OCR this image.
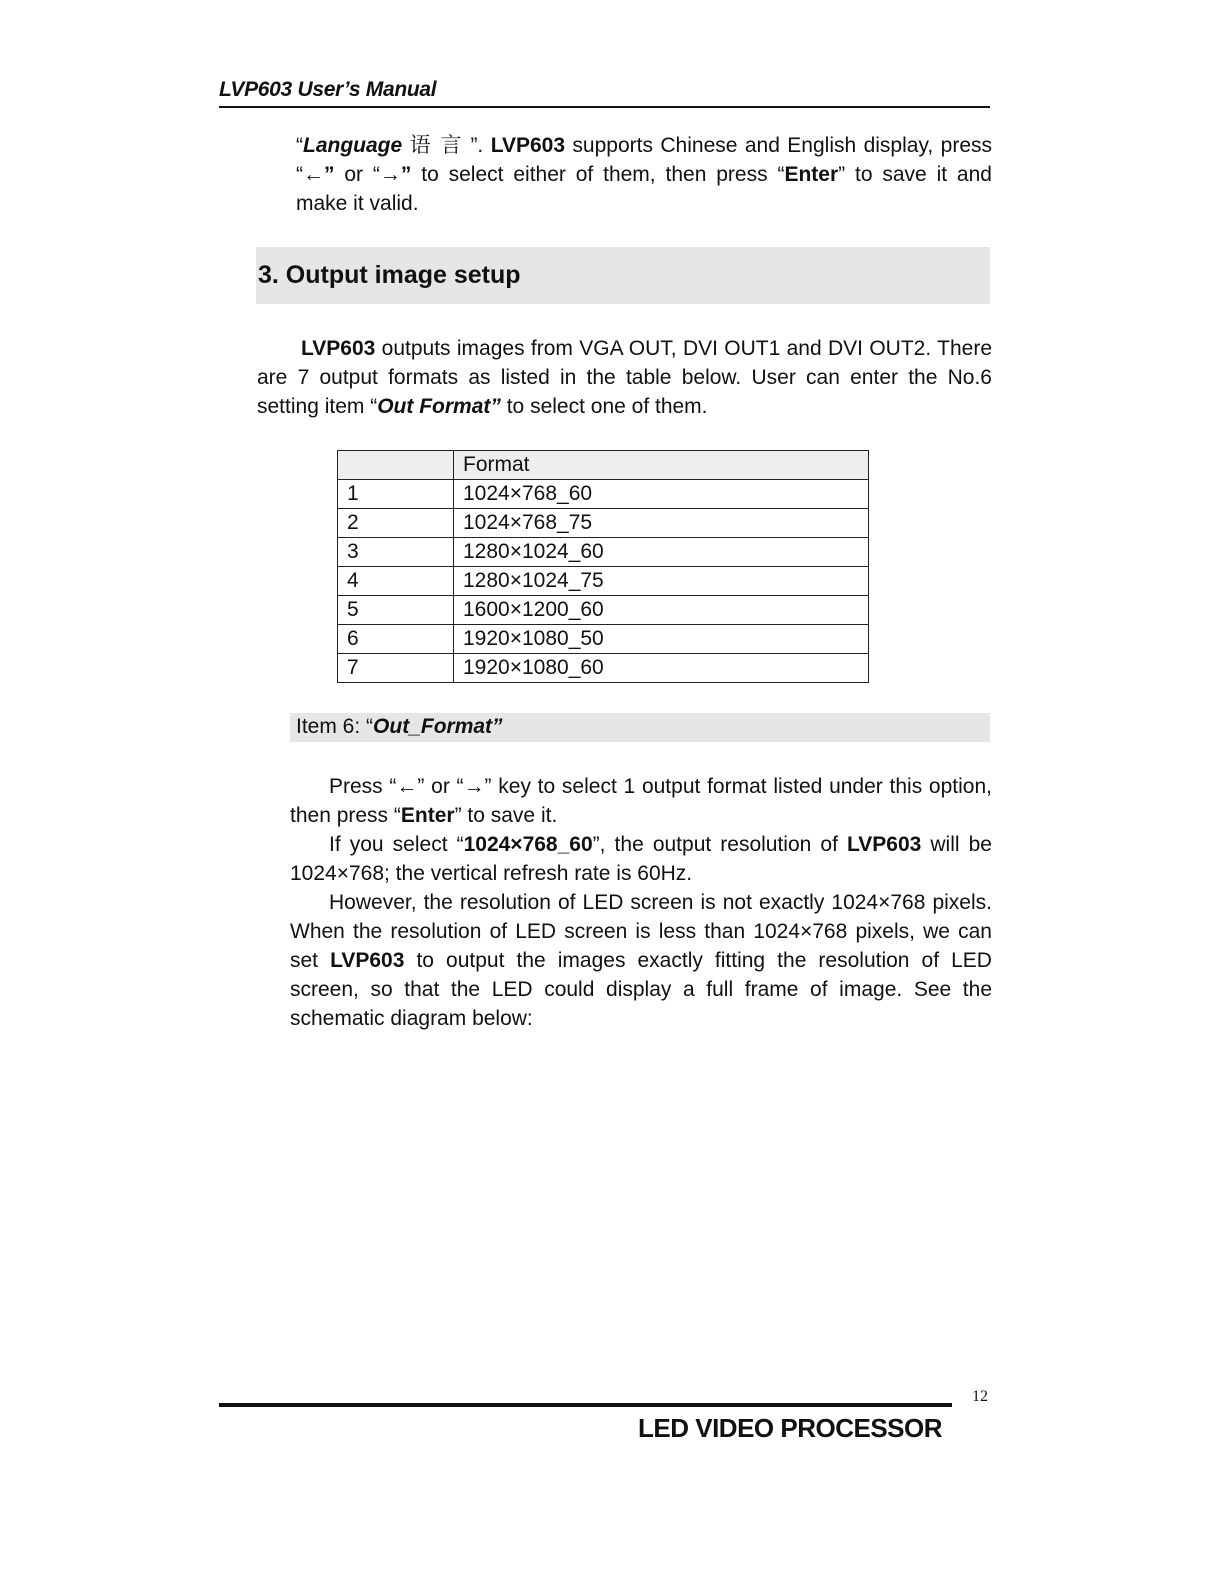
LVP603 User’s Manual
“Language 语 言 ”. LVP603 supports Chinese and English display, press “←” or “→” to select either of them, then press “Enter” to save it and make it valid.
3. Output image setup
LVP603 outputs images from VGA OUT, DVI OUT1 and DVI OUT2. There are 7 output formats as listed in the table below. User can enter the No.6 setting item “Out Format” to select one of them.
	Format
1	1024×768_60
2	1024×768_75
3	1280×1024_60
4	1280×1024_75
5	1600×1200_60
6	1920×1080_50
7	1920×1080_60
Item 6: “Out_Format”
Press “←” or “→” key to select 1 output format listed under this option, then press “Enter” to save it.
If you select “1024×768_60”, the output resolution of LVP603 will be 1024×768; the vertical refresh rate is 60Hz.
However, the resolution of LED screen is not exactly 1024×768 pixels. When the resolution of LED screen is less than 1024×768 pixels, we can set LVP603 to output the images exactly fitting the resolution of LED screen, so that the LED could display a full frame of image. See the schematic diagram below:
12
LED VIDEO PROCESSOR
